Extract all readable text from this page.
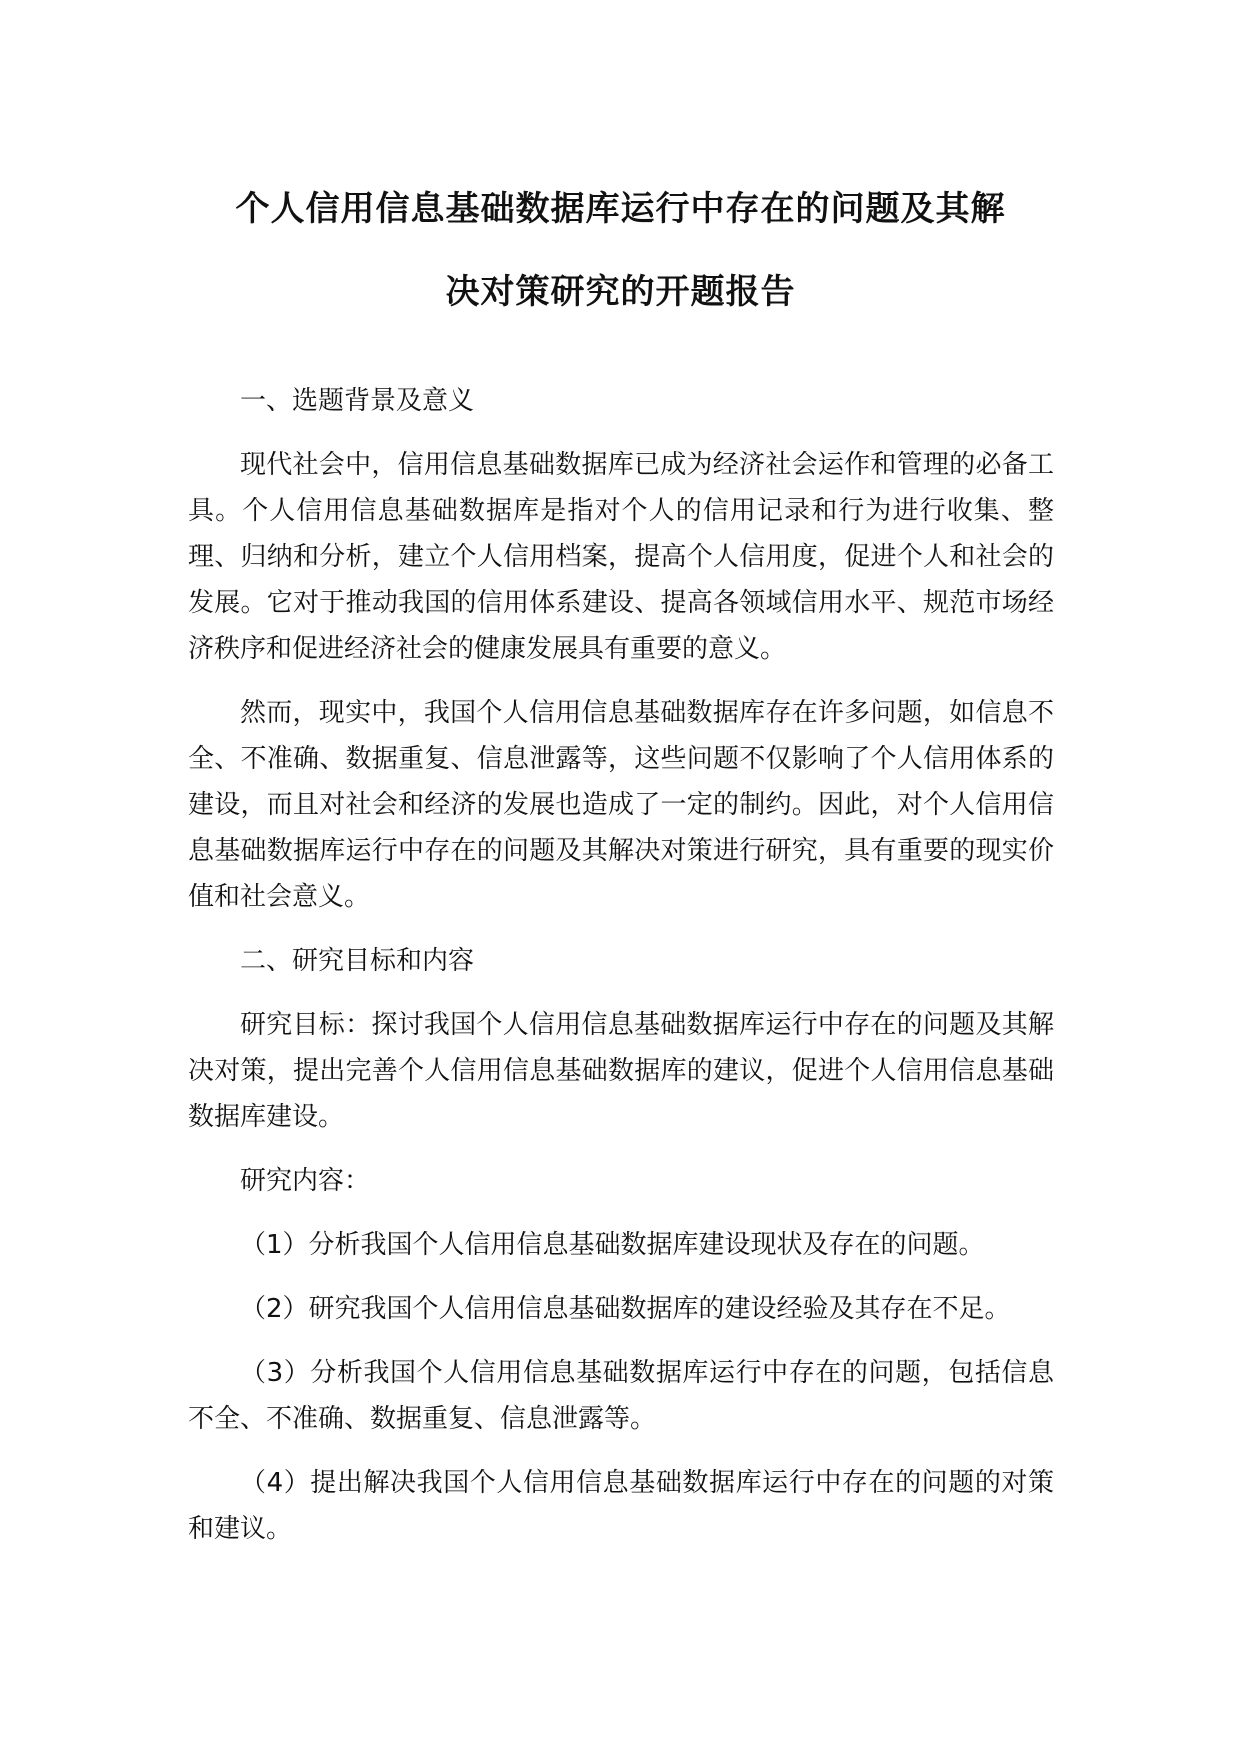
个人信用信息基础数据库运行中存在的问题及其解
决对策研究的开题报告

一、选题背景及意义

现代社会中，信用信息基础数据库已成为经济社会运作和管理的必备工具。个人信用信息基础数据库是指对个人的信用记录和行为进行收集、整理、归纳和分析，建立个人信用档案，提高个人信用度，促进个人和社会的发展。它对于推动我国的信用体系建设、提高各领域信用水平、规范市场经济秩序和促进经济社会的健康发展具有重要的意义。

然而，现实中，我国个人信用信息基础数据库存在许多问题，如信息不全、不准确、数据重复、信息泄露等，这些问题不仅影响了个人信用体系的建设，而且对社会和经济的发展也造成了一定的制约。因此，对个人信用信息基础数据库运行中存在的问题及其解决对策进行研究，具有重要的现实价值和社会意义。

二、研究目标和内容

研究目标：探讨我国个人信用信息基础数据库运行中存在的问题及其解决对策，提出完善个人信用信息基础数据库的建议，促进个人信用信息基础数据库建设。

研究内容：

（1）分析我国个人信用信息基础数据库建设现状及存在的问题。

（2）研究我国个人信用信息基础数据库的建设经验及其存在不足。

（3）分析我国个人信用信息基础数据库运行中存在的问题，包括信息不全、不准确、数据重复、信息泄露等。

（4）提出解决我国个人信用信息基础数据库运行中存在的问题的对策和建议。
